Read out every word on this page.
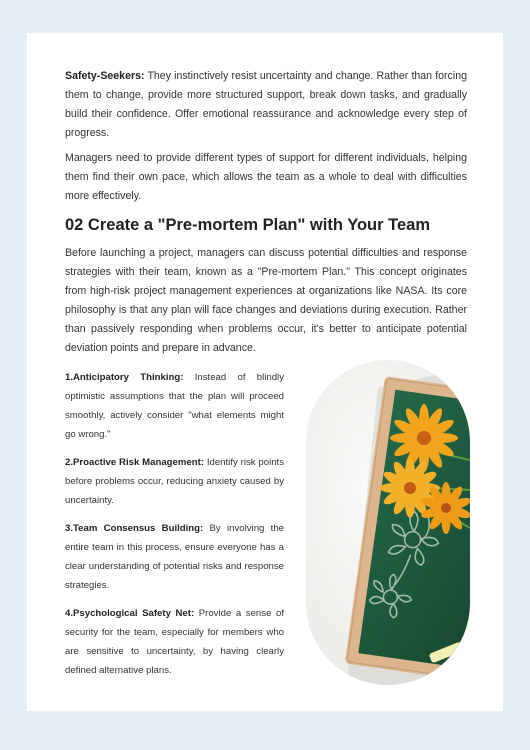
Safety-Seekers: They instinctively resist uncertainty and change. Rather than forcing them to change, provide more structured support, break down tasks, and gradually build their confidence. Offer emotional reassurance and acknowledge every step of progress.

Managers need to provide different types of support for different individuals, helping them find their own pace, which allows the team as a whole to deal with difficulties more effectively.

02 Create a "Pre-mortem Plan" with Your Team

Before launching a project, managers can discuss potential difficulties and response strategies with their team, known as a "Pre-mortem Plan." This concept originates from high-risk project management experiences at organizations like NASA. Its core philosophy is that any plan will face changes and deviations during execution. Rather than passively responding when problems occur, it's better to anticipate potential deviation points and prepare in advance.

1.Anticipatory Thinking: Instead of blindly optimistic assumptions that the plan will proceed smoothly, actively consider "what elements might go wrong."

2.Proactive Risk Management: Identify risk points before problems occur, reducing anxiety caused by uncertainty.

3.Team Consensus Building: By involving the entire team in this process, ensure everyone has a clear understanding of potential risks and response strategies.

4.Psychological Safety Net: Provide a sense of security for the team, especially for members who are sensitive to uncertainty, by having clearly defined alternative plans.
